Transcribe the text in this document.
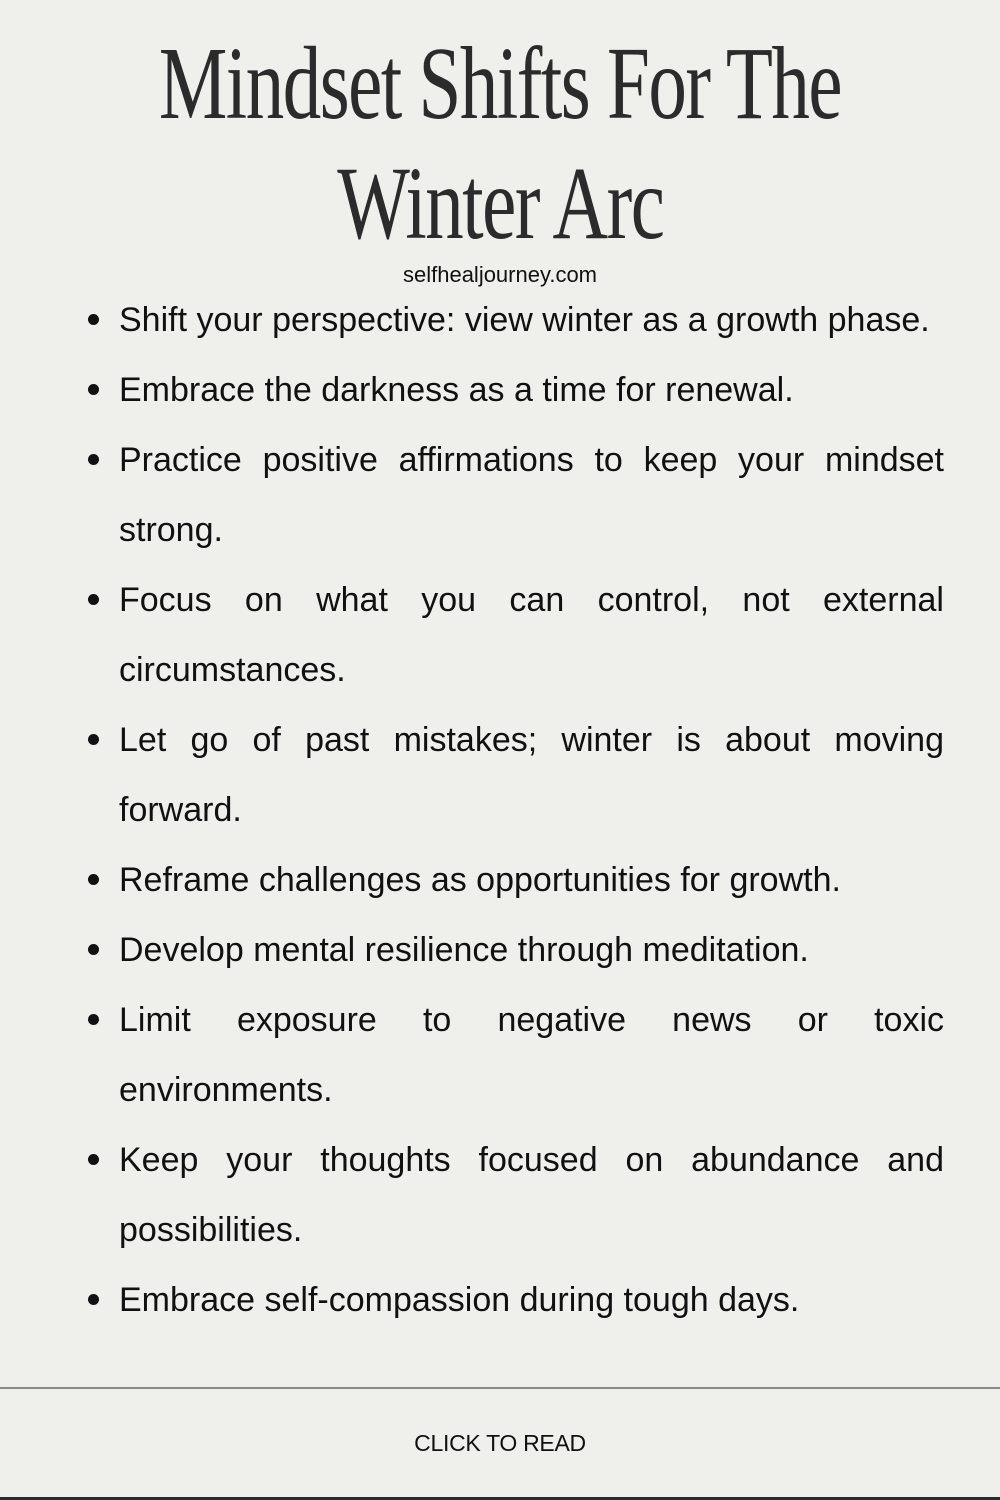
Mindset Shifts For The
Winter Arc
selfhealjourney.com
Shift your perspective: view winter as a growth phase.
Embrace the darkness as a time for renewal.
Practice positive affirmations to keep your mindset strong.
Focus on what you can control, not external circumstances.
Let go of past mistakes; winter is about moving forward.
Reframe challenges as opportunities for growth.
Develop mental resilience through meditation.
Limit exposure to negative news or toxic environments.
Keep your thoughts focused on abundance and possibilities.
Embrace self-compassion during tough days.
CLICK TO READ
